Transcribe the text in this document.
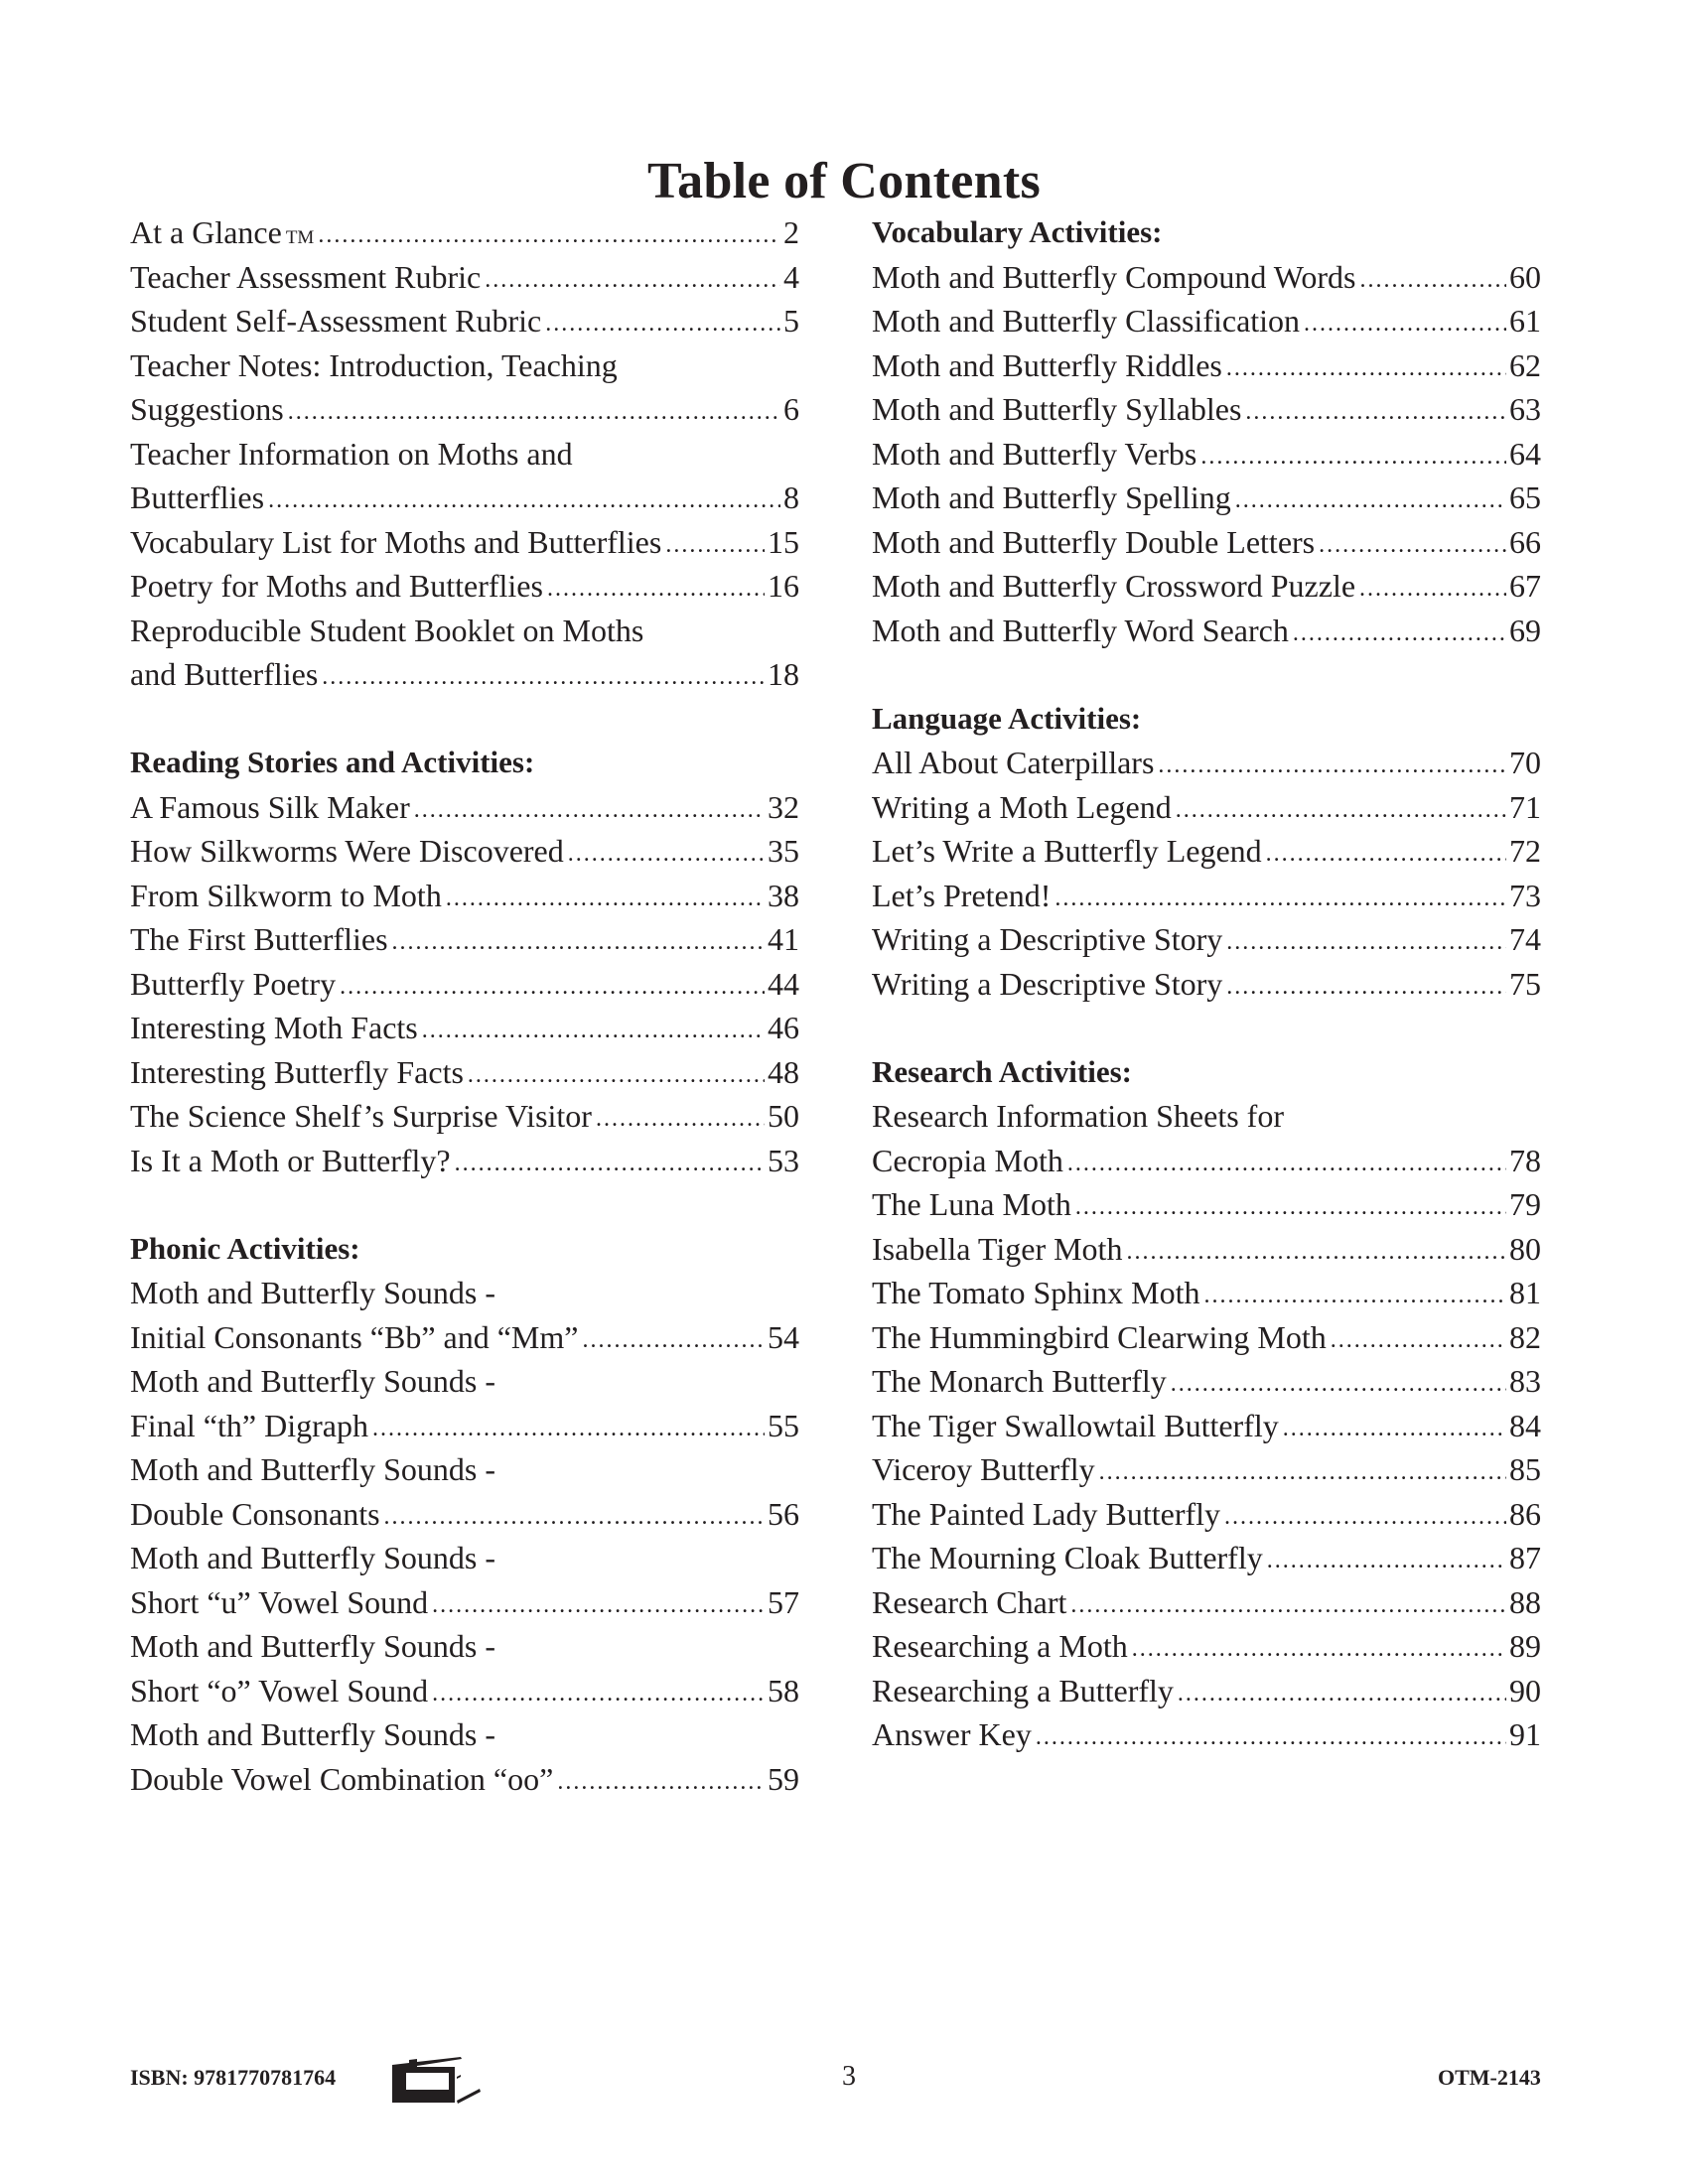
Table of Contents
At a Glance TM .....	2
Teacher Assessment Rubric .....	4
Student Self-Assessment Rubric .....	5
Teacher Notes: Introduction, Teaching
Suggestions .....	6
Teacher Information on Moths and
Butterflies .....	8
Vocabulary List for Moths and Butterflies .....	15
Poetry for Moths and Butterflies .....	16
Reproducible Student Booklet on Moths
and Butterflies .....	18
Reading Stories and Activities:
A Famous Silk Maker .....	32
How Silkworms Were Discovered .....	35
From Silkworm to Moth .....	38
The First Butterflies .....	41
Butterfly Poetry .....	44
Interesting Moth Facts .....	46
Interesting Butterfly Facts .....	48
The Science Shelf’s Surprise Visitor .....	50
Is It a Moth or Butterfly? .....	53
Phonic Activities:
Moth and Butterfly Sounds -
Initial Consonants “Bb” and “Mm” .....	54
Moth and Butterfly Sounds -
Final “th” Digraph .....	55
Moth and Butterfly Sounds -
Double Consonants .....	56
Moth and Butterfly Sounds -
Short “u” Vowel Sound .....	57
Moth and Butterfly Sounds -
Short “o” Vowel Sound .....	58
Moth and Butterfly Sounds -
Double Vowel Combination “oo” .....	59
Vocabulary Activities:
Moth and Butterfly Compound Words .....	60
Moth and Butterfly Classification .....	61
Moth and Butterfly Riddles .....	62
Moth and Butterfly Syllables .....	63
Moth and Butterfly Verbs .....	64
Moth and Butterfly Spelling .....	65
Moth and Butterfly Double Letters .....	66
Moth and Butterfly Crossword Puzzle .....	67
Moth and Butterfly Word Search .....	69
Language Activities:
All About Caterpillars .....	70
Writing a Moth Legend .....	71
Let’s Write a Butterfly Legend .....	72
Let’s Pretend! .....	73
Writing a Descriptive Story .....	74
Writing a Descriptive Story .....	75
Research Activities:
Research Information Sheets for
Cecropia Moth .....	78
The Luna Moth .....	79
Isabella Tiger Moth .....	80
The Tomato Sphinx Moth .....	81
The Hummingbird Clearwing Moth .....	82
The Monarch Butterfly .....	83
The Tiger Swallowtail Butterfly .....	84
Viceroy Butterfly .....	85
The Painted Lady Butterfly .....	86
The Mourning Cloak Butterfly .....	87
Research Chart .....	88
Researching a Moth .....	89
Researching a Butterfly .....	90
Answer Key .....	91
ISBN: 9781770781764	3	OTM-2143
